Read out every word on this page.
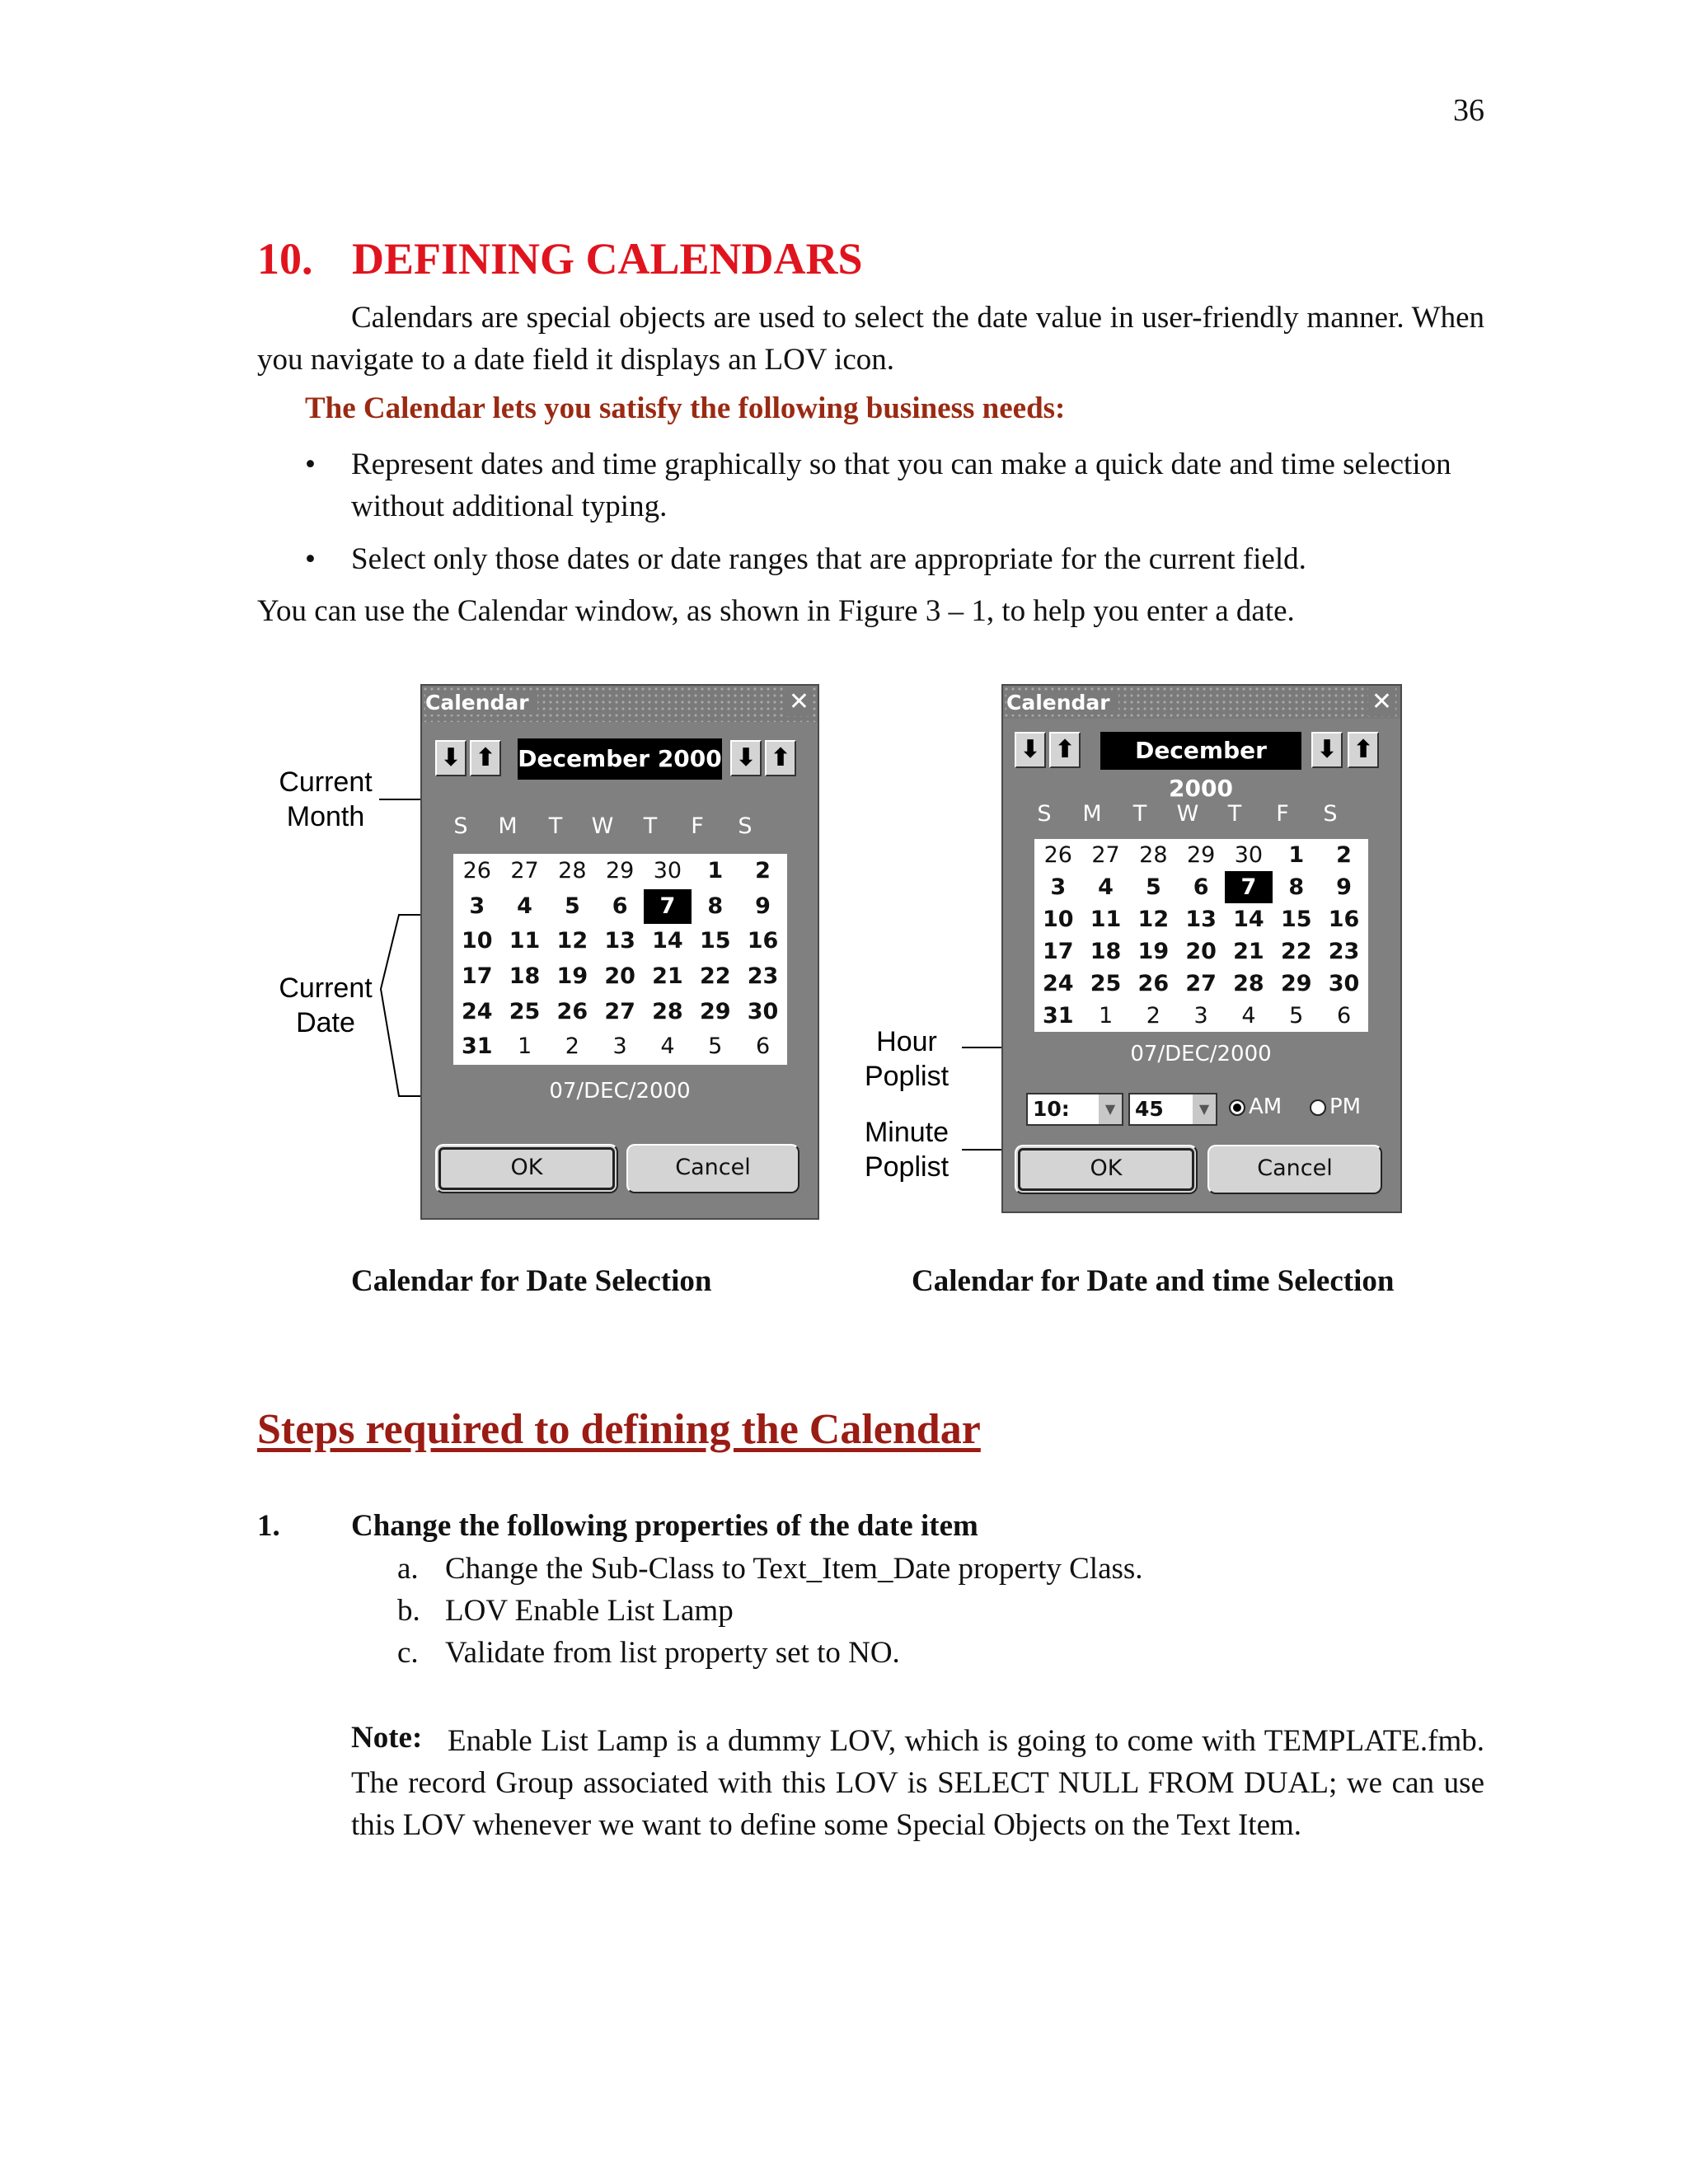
36
10. DEFINING CALENDARS
Calendars are special objects are used to select the date value in user-friendly manner. When you navigate to a date field it displays an LOV icon.
The Calendar lets you satisfy the following business needs:
• Represent dates and time graphically so that you can make a quick date and time selection without additional typing.
• Select only those dates or date ranges that are appropriate for the current field.
You can use the Calendar window, as shown in Figure 3 – 1, to help you enter a date.
Calendar	✕
⬇ ⬆ December 2000 ⬇ ⬆
S	M	T	W	T	F	S
26 27 28 29 30	1	2
3	4	5	6	7	8	9
10 11 12 13 14 15 16
17 18 19 20 21 22 23
24 25 26 27 28 29 30
31	1	2	3	4	5	6
07/DEC/2000
OK	Cancel
Calendar	✕
⬇ ⬆	December 2000
⬇ ⬆
S	M	T	W	T	F	S
26 27 28 29 30	1	2
3	4	5	6	7	8	9
10 11 12 13 14 15 16
17 18 19 20 21 22 23
24 25 26 27 28 29 30
31	1	2	3	4	5	6
07/DEC/2000
10:	▼ 45	▼	AM	PM
OK	Cancel
Current
Month
Current
Date
Hour
Poplist
Minute
Poplist
Calendar for Date Selection	Calendar for Date and time Selection
Steps required to defining the Calendar
1. Change the following properties of the date item
a. Change the Sub-Class to Text_Item_Date property Class.
b. LOV Enable List Lamp
c. Validate from list property set to NO.
Enable List Lamp is a dummy LOV, which is going to come with TEMPLATE.fmb. The record Group associated with this LOV is SELECT NULL FROM DUAL; we can use this LOV whenever we want to define some Special Objects on the Text Item.
Note:
